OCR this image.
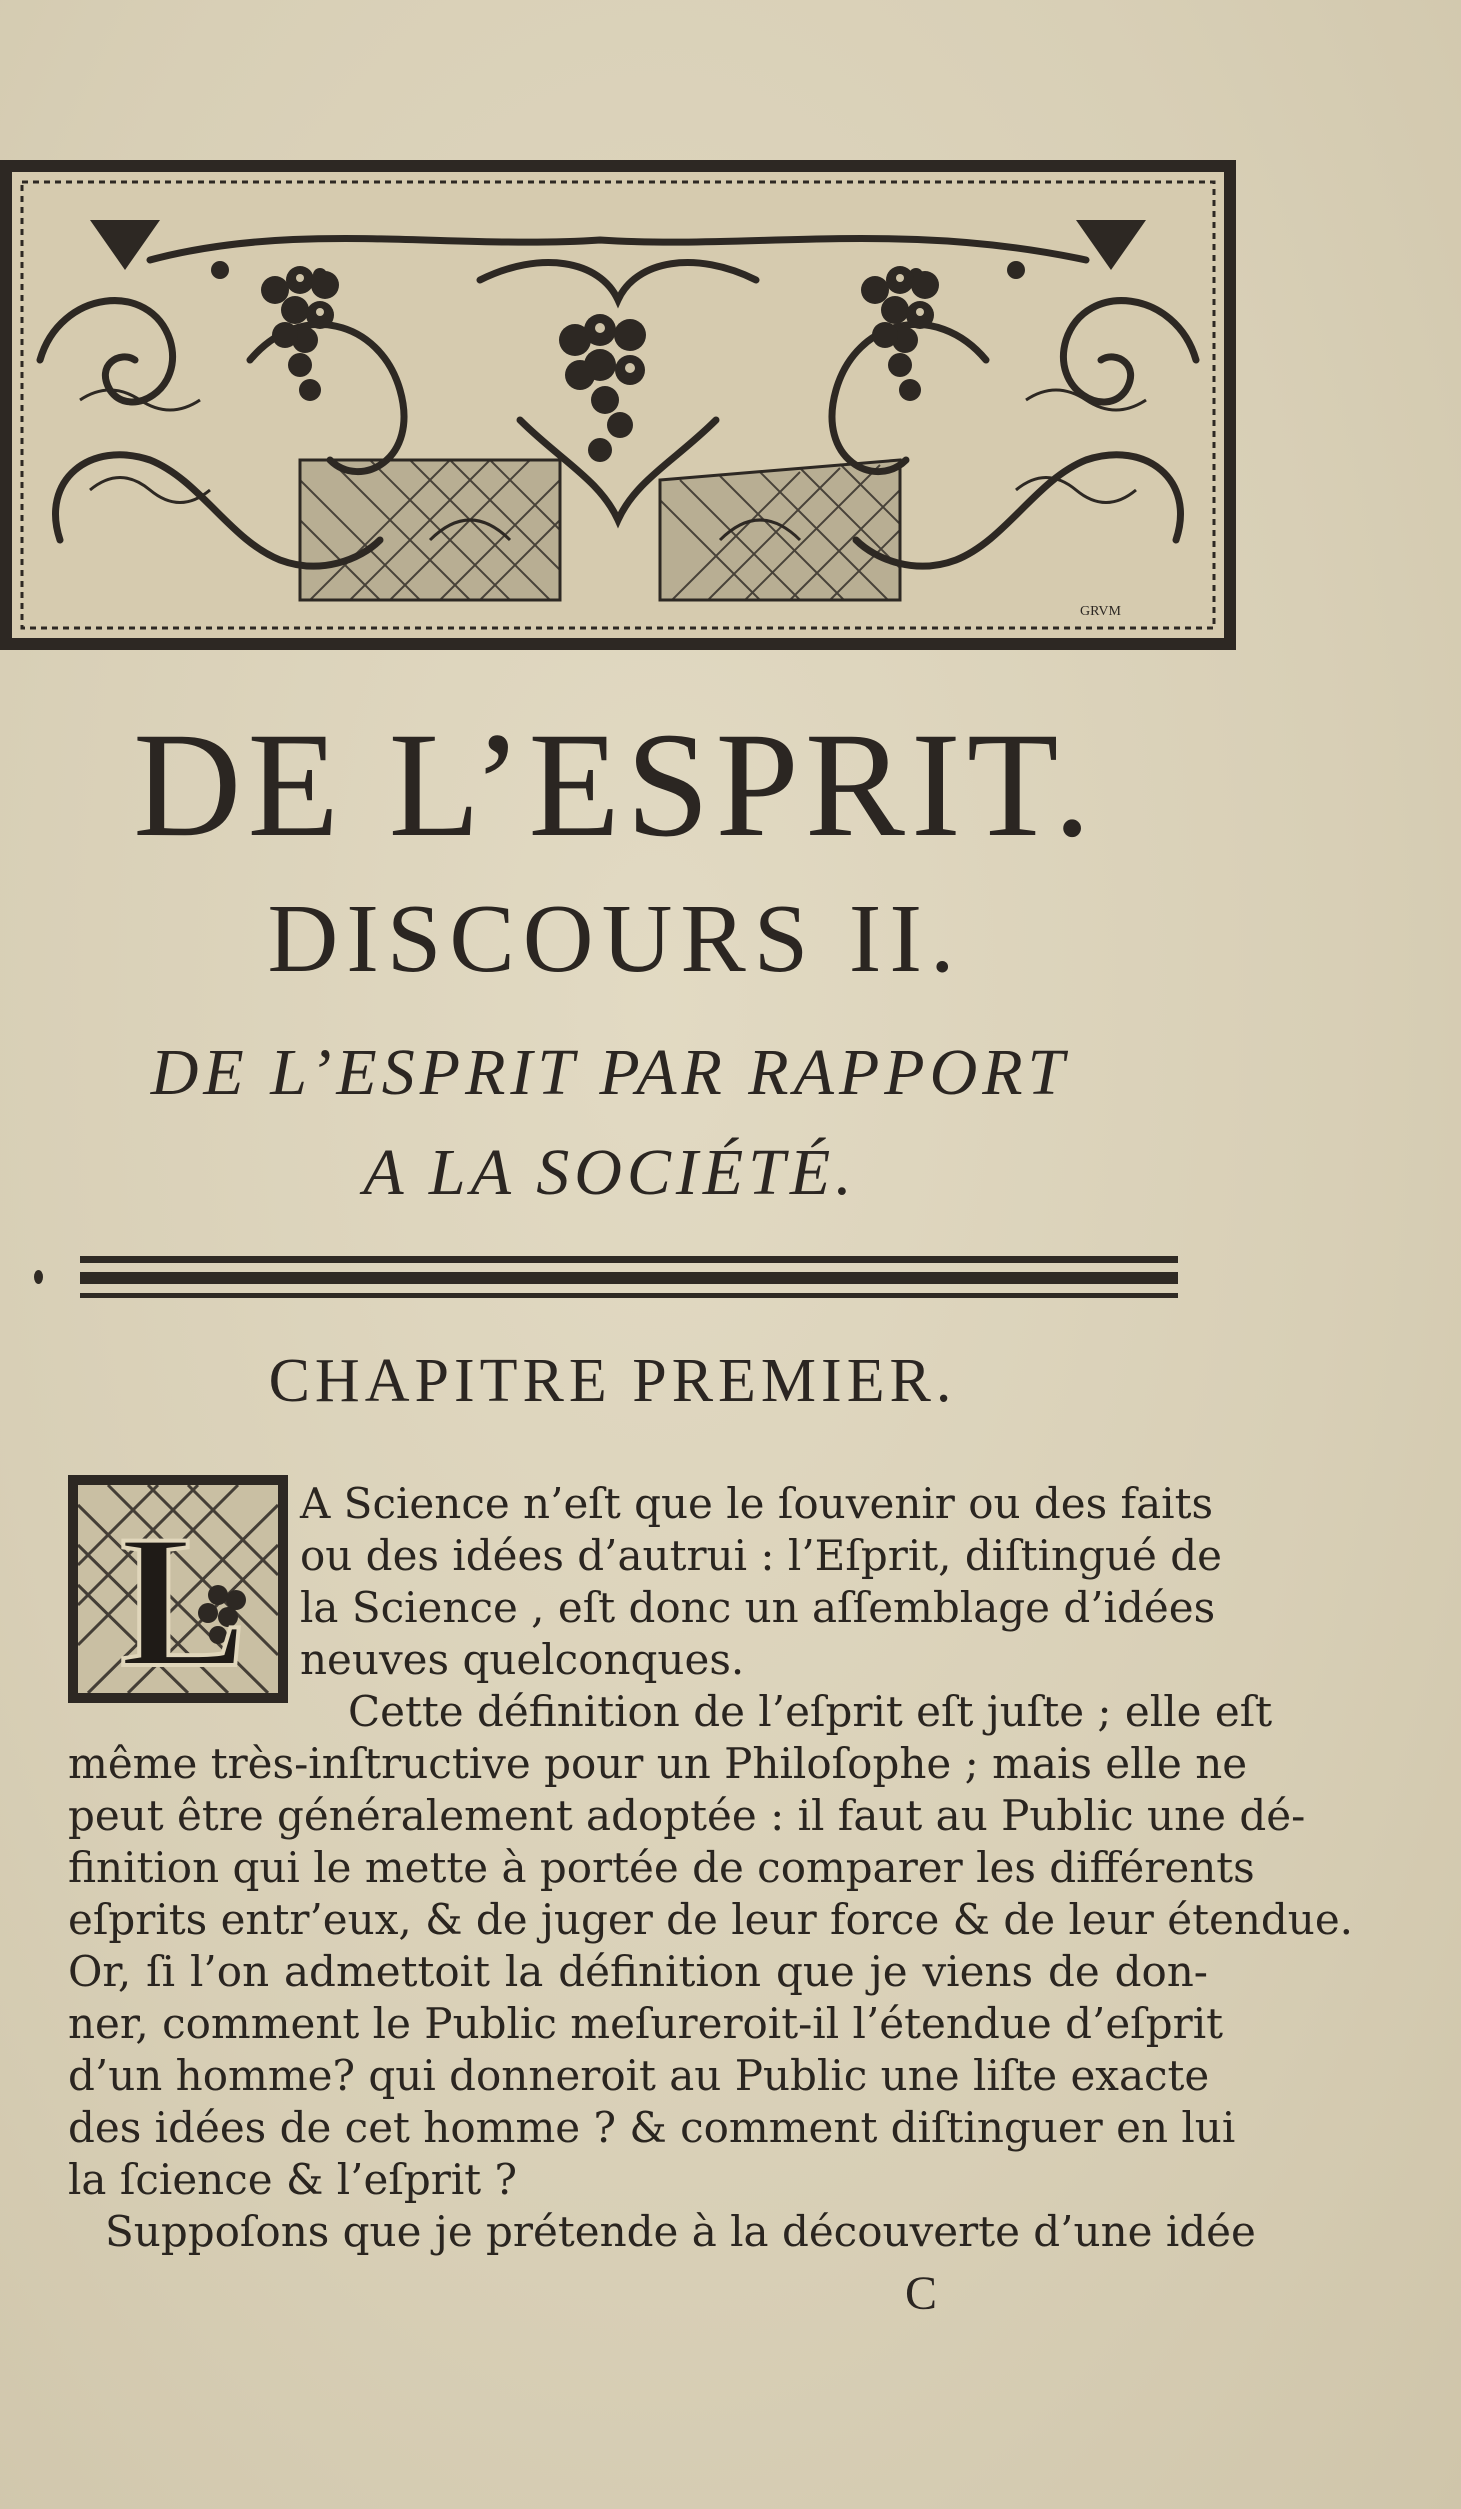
GRVM
DE L’ESPRIT.
DISCOURS II.
DE L’ESPRIT PAR RAPPORT
A LA SOCIÉTÉ.
CHAPITRE PREMIER.
L A Science n’eſt que le ſouvenir ou des faits
ou des idées d’autrui : l’Eſprit, diſtingué de
la Science , eſt donc un aſſemblage d’idées
neuves quelconques.
Cette définition de l’eſprit eſt juſte ; elle eſt
même très-inſtructive pour un Philoſophe ; mais elle ne
peut être généralement adoptée : il faut au Public une dé-
finition qui le mette à portée de comparer les différents
eſprits entr’eux, & de juger de leur force & de leur étendue.
Or, ſi l’on admettoit la définition que je viens de don-
ner, comment le Public meſureroit-il l’étendue d’eſprit
d’un homme? qui donneroit au Public une liſte exacte
des idées de cet homme ? & comment diſtinguer en lui
la ſcience & l’eſprit ?
Suppoſons que je prétende à la découverte d’une idée
C
